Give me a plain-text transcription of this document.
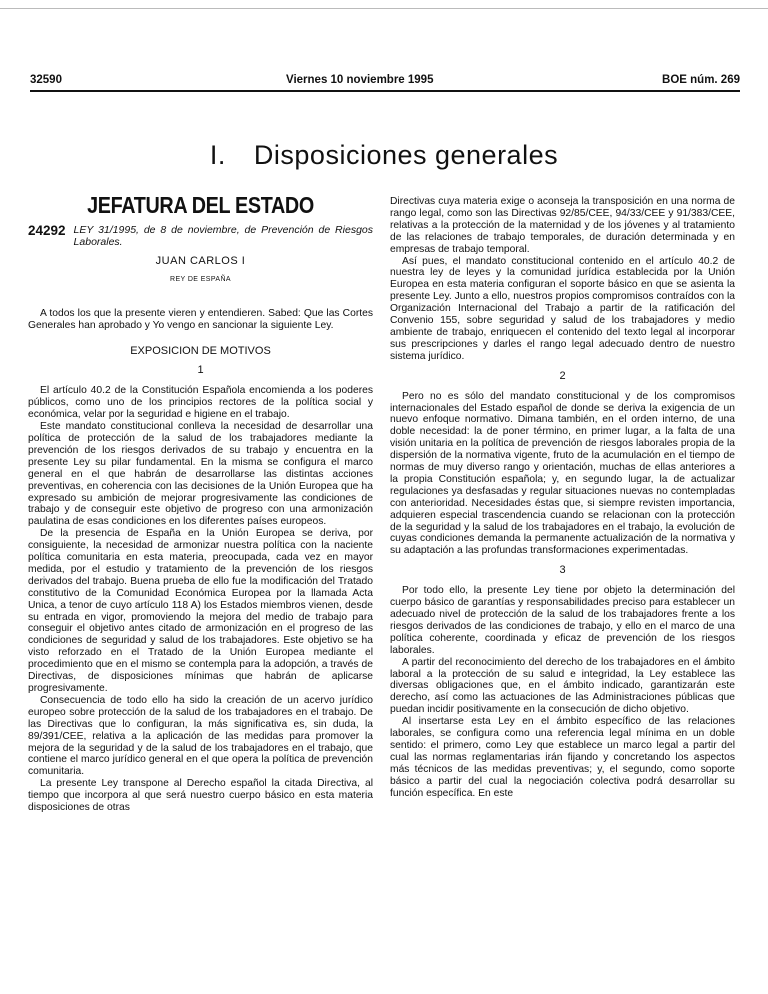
32590	Viernes 10 noviembre 1995	BOE núm. 269
I. Disposiciones generales
JEFATURA DEL ESTADO
24292 LEY 31/1995, de 8 de noviembre, de Prevención de Riesgos Laborales.
JUAN CARLOS I
REY DE ESPAÑA

A todos los que la presente vieren y entendieren. Sabed: Que las Cortes Generales han aprobado y Yo vengo en sancionar la siguiente Ley.

EXPOSICION DE MOTIVOS
1

El artículo 40.2 de la Constitución Española encomienda a los poderes públicos, como uno de los principios rectores de la política social y económica, velar por la seguridad e higiene en el trabajo.

Este mandato constitucional conlleva la necesidad de desarrollar una política de protección de la salud de los trabajadores mediante la prevención de los riesgos derivados de su trabajo y encuentra en la presente Ley su pilar fundamental. En la misma se configura el marco general en el que habrán de desarrollarse las distintas acciones preventivas, en coherencia con las decisiones de la Unión Europea que ha expresado su ambición de mejorar progresivamente las condiciones de trabajo y de conseguir este objetivo de progreso con una armonización paulatina de esas condiciones en los diferentes países europeos.

De la presencia de España en la Unión Europea se deriva, por consiguiente, la necesidad de armonizar nuestra política con la naciente política comunitaria en esta materia, preocupada, cada vez en mayor medida, por el estudio y tratamiento de la prevención de los riesgos derivados del trabajo. Buena prueba de ello fue la modificación del Tratado constitutivo de la Comunidad Económica Europea por la llamada Acta Unica, a tenor de cuyo artículo 118 A) los Estados miembros vienen, desde su entrada en vigor, promoviendo la mejora del medio de trabajo para conseguir el objetivo antes citado de armonización en el progreso de las condiciones de seguridad y salud de los trabajadores. Este objetivo se ha visto reforzado en el Tratado de la Unión Europea mediante el procedimiento que en el mismo se contempla para la adopción, a través de Directivas, de disposiciones mínimas que habrán de aplicarse progresivamente.

Consecuencia de todo ello ha sido la creación de un acervo jurídico europeo sobre protección de la salud de los trabajadores en el trabajo. De las Directivas que lo configuran, la más significativa es, sin duda, la 89/391/CEE, relativa a la aplicación de las medidas para promover la mejora de la seguridad y de la salud de los trabajadores en el trabajo, que contiene el marco jurídico general en el que opera la política de prevención comunitaria.

La presente Ley transpone al Derecho español la citada Directiva, al tiempo que incorpora al que será nuestro cuerpo básico en esta materia disposiciones de otras

Directivas cuya materia exige o aconseja la transposición en una norma de rango legal, como son las Directivas 92/85/CEE, 94/33/CEE y 91/383/CEE, relativas a la protección de la maternidad y de los jóvenes y al tratamiento de las relaciones de trabajo temporales, de duración determinada y en empresas de trabajo temporal.

Así pues, el mandato constitucional contenido en el artículo 40.2 de nuestra ley de leyes y la comunidad jurídica establecida por la Unión Europea en esta materia configuran el soporte básico en que se asienta la presente Ley. Junto a ello, nuestros propios compromisos contraídos con la Organización Internacional del Trabajo a partir de la ratificación del Convenio 155, sobre seguridad y salud de los trabajadores y medio ambiente de trabajo, enriquecen el contenido del texto legal al incorporar sus prescripciones y darles el rango legal adecuado dentro de nuestro sistema jurídico.

2

Pero no es sólo del mandato constitucional y de los compromisos internacionales del Estado español de donde se deriva la exigencia de un nuevo enfoque normativo. Dimana también, en el orden interno, de una doble necesidad: la de poner término, en primer lugar, a la falta de una visión unitaria en la política de prevención de riesgos laborales propia de la dispersión de la normativa vigente, fruto de la acumulación en el tiempo de normas de muy diverso rango y orientación, muchas de ellas anteriores a la propia Constitución española; y, en segundo lugar, la de actualizar regulaciones ya desfasadas y regular situaciones nuevas no contempladas con anterioridad. Necesidades éstas que, si siempre revisten importancia, adquieren especial trascendencia cuando se relacionan con la protección de la seguridad y la salud de los trabajadores en el trabajo, la evolución de cuyas condiciones demanda la permanente actualización de la normativa y su adaptación a las profundas transformaciones experimentadas.

3

Por todo ello, la presente Ley tiene por objeto la determinación del cuerpo básico de garantías y responsabilidades preciso para establecer un adecuado nivel de protección de la salud de los trabajadores frente a los riesgos derivados de las condiciones de trabajo, y ello en el marco de una política coherente, coordinada y eficaz de prevención de los riesgos laborales.

A partir del reconocimiento del derecho de los trabajadores en el ámbito laboral a la protección de su salud e integridad, la Ley establece las diversas obligaciones que, en el ámbito indicado, garantizarán este derecho, así como las actuaciones de las Administraciones públicas que puedan incidir positivamente en la consecución de dicho objetivo.

Al insertarse esta Ley en el ámbito específico de las relaciones laborales, se configura como una referencia legal mínima en un doble sentido: el primero, como Ley que establece un marco legal a partir del cual las normas reglamentarias irán fijando y concretando los aspectos más técnicos de las medidas preventivas; y, el segundo, como soporte básico a partir del cual la negociación colectiva podrá desarrollar su función específica. En este
